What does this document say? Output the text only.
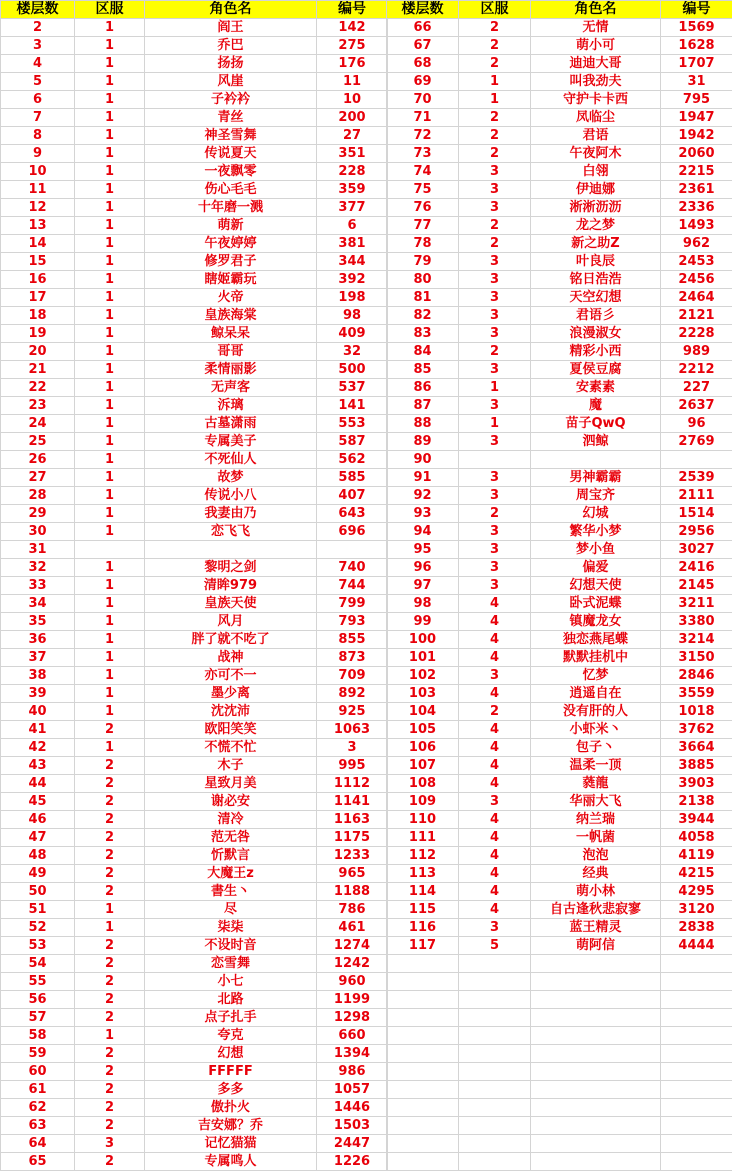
楼层数	区服	角色名	编号
2	1	阎王	142
3	1	乔巴	275
4	1	扬扬	176
5	1	风崖	11
6	1	子衿衿	10
7	1	青丝	200
8	1	神圣雪舞	27
9	1	传说夏天	351
10	1	一夜飘零	228
11	1	伤心毛毛	359
12	1	十年磨一溅	377
13	1	萌新	6
14	1	午夜婷婷	381
15	1	修罗君子	344
16	1	瞎姬霸玩	392
17	1	火帝	198
18	1	皇族海棠	98
19	1	鲸呆呆	409
20	1	哥哥	32
21	1	柔情丽影	500
22	1	无声客	537
23	1	泝璃	141
24	1	古墓潇雨	553
25	1	专属美子	587
26	1	不死仙人	562
27	1	故梦	585
28	1	传说小八	407
29	1	我妻由乃	643
30	1	恋飞飞	696
31			
32	1	黎明之剑	740
33	1	清眸979	744
34	1	皇族天使	799
35	1	风月	793
36	1	胖了就不吃了	855
37	1	战神	873
38	1	亦可不一	709
39	1	墨少离	892
40	1	沈沈沛	925
41	2	欧阳笑笑	1063
42	1	不慌不忙	3
43	2	木子	995
44	2	星致月美	1112
45	2	谢必安	1141
46	2	清冷	1163
47	2	范无咎	1175
48	2	忻默言	1233
49	2	大魔王z	965
50	2	書生丶	1188
51	1	尽	786
52	1	柒柒	461
53	2	不设时音	1274
54	2	恋雪舞	1242
55	2	小七	960
56	2	北路	1199
57	2	点子扎手	1298
58	1	夸克	660
59	2	幻想	1394
60	2	FFFFF	986
61	2	多多	1057
62	2	傲扑火	1446
63	2	吉安娜？乔	1503
64	3	记忆猫猫	2447
65	2	专属鸣人	1226
楼层数	区服	角色名	编号
66	2	无情	1569
67	2	萌小可	1628
68	2	迪迪大哥	1707
69	1	叫我劲夫	31
70	1	守护卡卡西	795
71	2	凤临尘	1947
72	2	君语	1942
73	2	午夜阿木	2060
74	3	白翎	2215
75	3	伊迪娜	2361
76	3	淅淅沥沥	2336
77	2	龙之梦	1493
78	2	新之助Z	962
79	3	叶良辰	2453
80	3	铭日浩浩	2456
81	3	天空幻想	2464
82	3	君语彡	2121
83	3	浪漫淑女	2228
84	2	精彩小西	989
85	3	夏侯豆腐	2212
86	1	安素素	227
87	3	魔	2637
88	1	苗子QwQ	96
89	3	泗鲸	2769
90			
91	3	男神霸霸	2539
92	3	周宝齐	2111
93	2	幻城	1514
94	3	繁华小梦	2956
95	3	梦小鱼	3027
96	3	偏爱	2416
97	3	幻想天使	2145
98	4	卧式泥蝶	3211
99	4	镇魔龙女	3380
100	4	独恋燕尾蝶	3214
101	4	默默挂机中	3150
102	3	忆梦	2846
103	4	逍遥自在	3559
104	2	没有肝的人	1018
105	4	小虾米丶	3762
106	4	包子丶	3664
107	4	温柔一顶	3885
108	4	蕤龍	3903
109	3	华丽大飞	2138
110	4	纳兰瑞	3944
111	4	一帆菌	4058
112	4	泡泡	4119
113	4	经典	4215
114	4	萌小林	4295
115	4	自古逢秋悲寂寥	3120
116	3	蓝王精灵	2838
117	5	萌阿信	4444
